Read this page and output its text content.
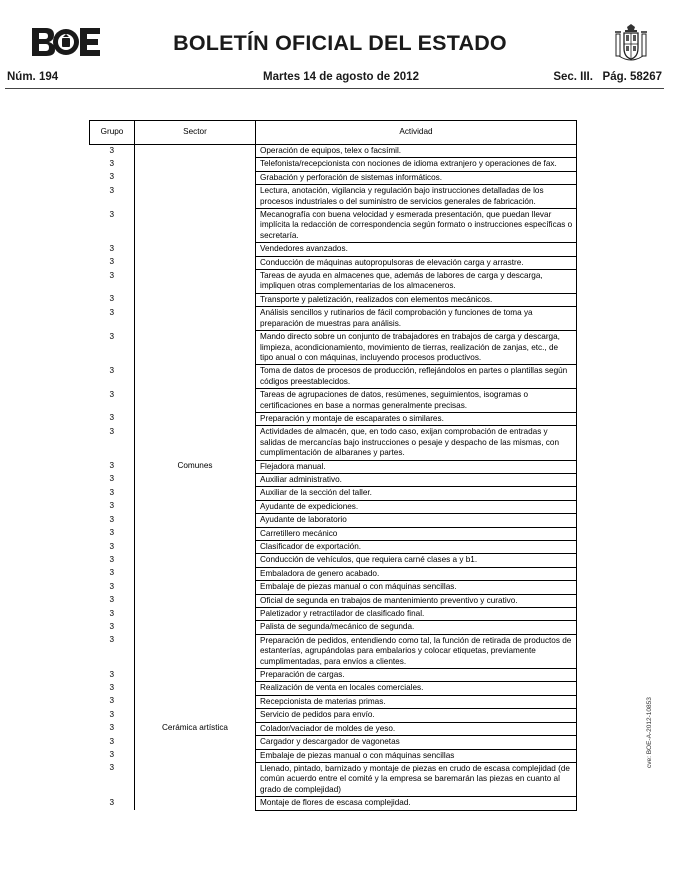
BOLETÍN OFICIAL DEL ESTADO
Núm. 194	Martes 14 de agosto de 2012	Sec. III.   Pág. 58267
Grupo	Sector	Actividad
3		Operación de equipos, telex o facsímil.
3		Telefonista/recepcionista con nociones de idioma extranjero y operaciones de fax.
3		Grabación y perforación de sistemas informáticos.
3		Lectura, anotación, vigilancia y regulación bajo instrucciones detalladas de los procesos industriales o del suministro de servicios generales de fabricación.
3		Mecanografía con buena velocidad y esmerada presentación, que puedan llevar implícita la redacción de correspondencia según formato o instrucciones específicas o secretaría.
3		Vendedores avanzados.
3		Conducción de máquinas autopropulsoras de elevación carga y arrastre.
3		Tareas de ayuda en almacenes que, además de labores de carga y descarga, impliquen otras complementarias de los almaceneros.
3		Transporte y paletización, realizados con elementos mecánicos.
3		Análisis sencillos y rutinarios de fácil comprobación y funciones de toma ya preparación de muestras para análisis.
3		Mando directo sobre un conjunto de trabajadores en trabajos de carga y descarga, limpieza, acondicionamiento, movimiento de tierras, realización de zanjas, etc., de tipo anual o con máquinas, incluyendo procesos productivos.
3		Toma de datos de procesos de producción, reflejándolos en partes o plantillas según códigos preestablecidos.
3		Tareas de agrupaciones de datos, resúmenes, seguimientos, isogramas o certificaciones en base a normas generalmente precisas.
3		Preparación y montaje de escaparates o similares.
3		Actividades de almacén, que, en todo caso, exijan comprobación de entradas y salidas de mercancías bajo instrucciones o pesaje y despacho de las mismas, con cumplimentación de albaranes y partes.
3	Comunes	Flejadora manual.
3		Auxiliar administrativo.
3		Auxiliar de la sección del taller.
3		Ayudante de expediciones.
3		Ayudante de laboratorio
3		Carretillero mecánico
3		Clasificador de exportación.
3		Conducción de vehículos, que requiera carné clases a y b1.
3		Embaladora de genero acabado.
3		Embalaje de piezas manual o con máquinas sencillas.
3		Oficial de segunda en trabajos de mantenimiento preventivo y curativo.
3		Paletizador y retractilador de clasificado final.
3		Palista de segunda/mecánico de segunda.
3		Preparación de pedidos, entendiendo como tal, la función de retirada de productos de estanterías, agrupándolas para embalarios y colocar etiquetas, previamente cumplimentadas, para envíos a clientes.
3		Preparación de cargas.
3		Realización de venta en locales comerciales.
3		Recepcionista de materias primas.
3		Servicio de pedidos para envío.
3	Cerámica artística	Colador/vaciador de moldes de yeso.
3		Cargador y descargador de vagonetas
3		Embalaje de piezas manual o con máquinas sencillas
3		Llenado, pintado, barnizado y montaje de piezas en crudo de escasa complejidad (de común acuerdo entre el comité y la empresa se baremarán las piezas en cuanto al grado de complejidad)
3		Montaje de flores de escasa complejidad.
cve: BOE-A-2012-10853
